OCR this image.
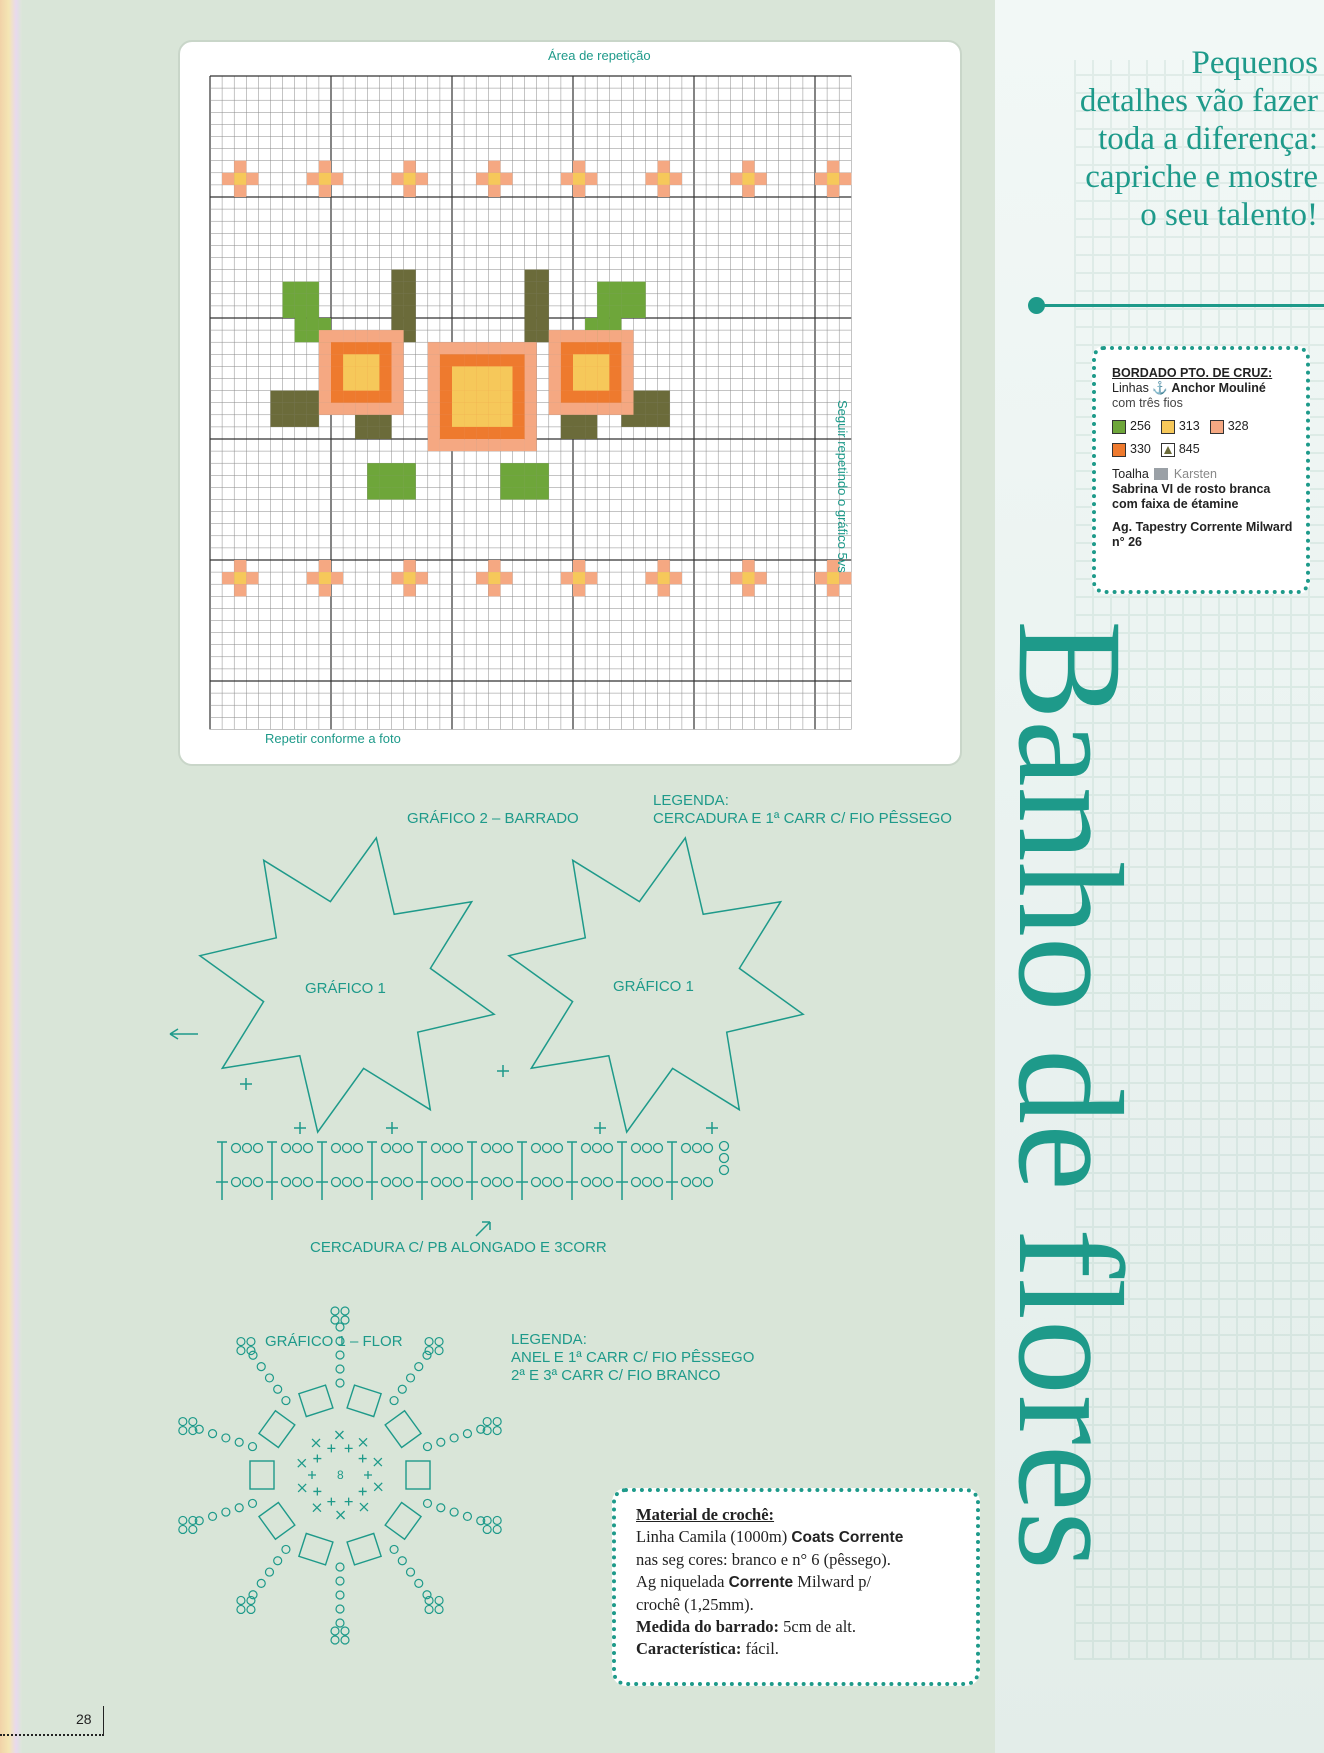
Área de repetição
Repetir conforme a foto
Seguir repetindo o gráfico 5vs
GRÁFICO 2 – BARRADO
LEGENDA:
CERCADURA E 1ª CARR C/ FIO PÊSSEGO
GRÁFICO 1	GRÁFICO 1
CERCADURA C/ PB ALONGADO E 3CORR
GRÁFICO 1 – FLOR	LEGENDA:
ANEL E 1ª CARR C/ FIO PÊSSEGO
2ª E 3ª CARR C/ FIO BRANCO
8
Pequenos
detalhes vão fazer
toda a diferença:
capriche e mostre
o seu talento!
BORDADO PTO. DE CRUZ:
Linhas ⚓ Anchor Mouliné
com três fios
256 313 328
330 845
Toalha Karsten
Sabrina VI de rosto branca com faixa de étamine
Ag. Tapestry Corrente Milward n° 26
Banho de flores
Material de crochê:
Linha Camila (1000m) Coats Corrente
nas seg cores: branco e n° 6 (pêssego).
Ag niquelada Corrente Milward p/
crochê (1,25mm).
Medida do barrado: 5cm de alt.
Característica: fácil.
28
